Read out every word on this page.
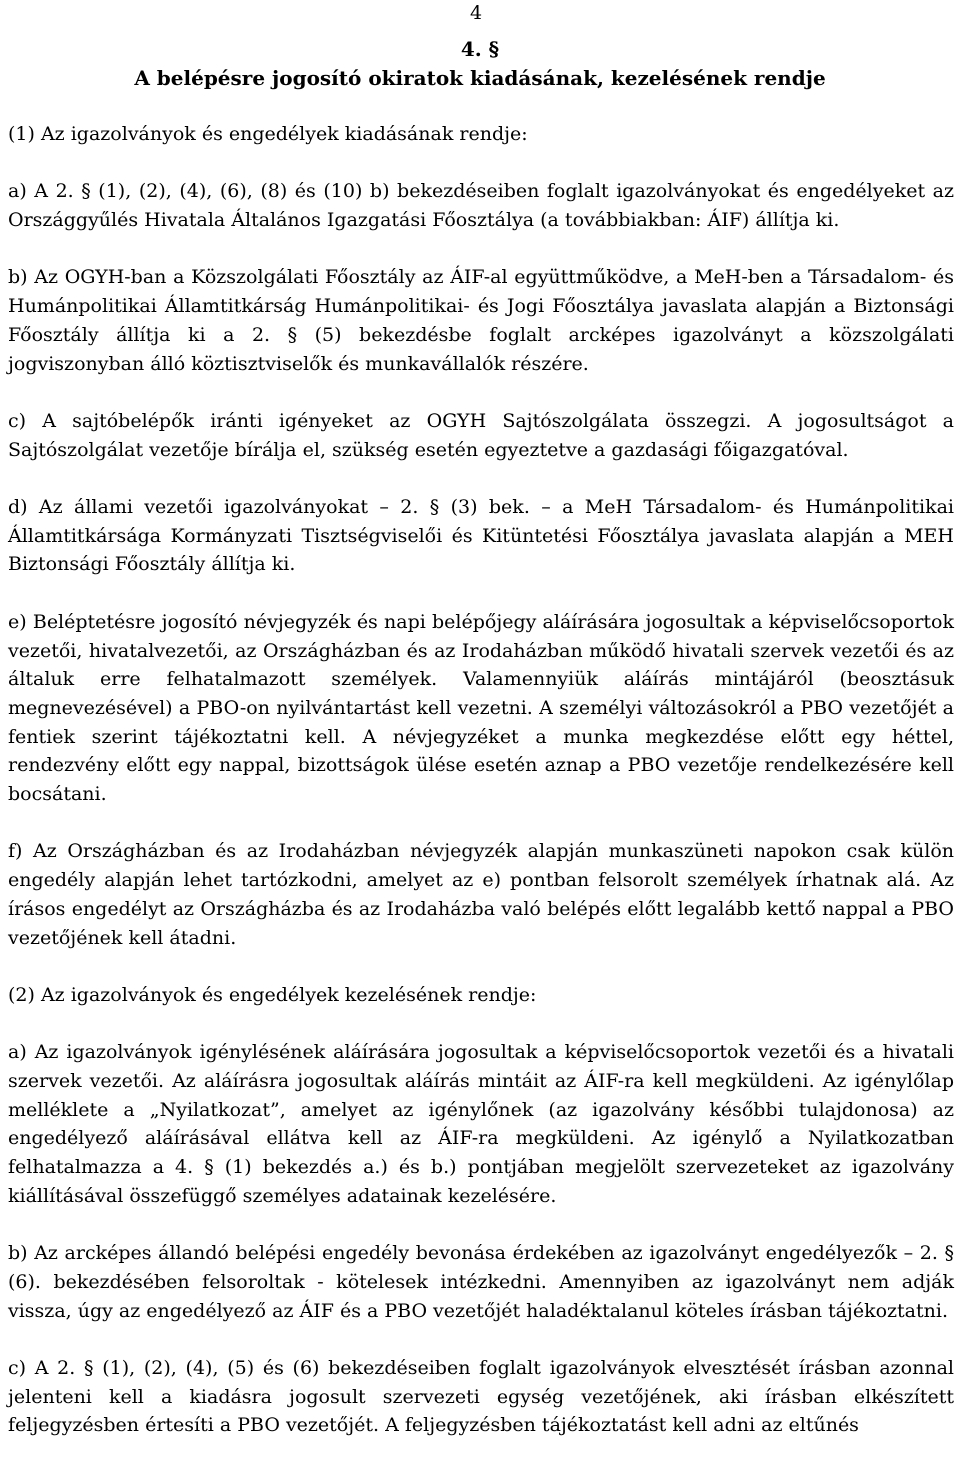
4
4. §
A belépésre jogosító okiratok kiadásának, kezelésének rendje

(1) Az igazolványok és engedélyek kiadásának rendje:

a) A 2. § (1), (2), (4), (6), (8) és (10) b) bekezdéseiben foglalt igazolványokat és engedélyeket az Országgyűlés Hivatala Általános Igazgatási Főosztálya (a továbbiakban: ÁIF) állítja ki.

b) Az OGYH-ban a Közszolgálati Főosztály az ÁIF-al együttműködve, a MeH-ben a Társadalom- és Humánpolitikai Államtitkárság Humánpolitikai- és Jogi Főosztálya javaslata alapján a Biztonsági Főosztály állítja ki a 2. § (5) bekezdésbe foglalt arcképes igazolványt a közszolgálati jogviszonyban álló köztisztviselők és munkavállalók részére.

c) A sajtóbelépők iránti igényeket az OGYH Sajtószolgálata összegzi. A jogosultságot a Sajtószolgálat vezetője bírálja el, szükség esetén egyeztetve a gazdasági főigazgatóval.

d) Az állami vezetői igazolványokat – 2. § (3) bek. – a MeH Társadalom- és Humánpolitikai Államtitkársága Kormányzati Tisztségviselői és Kitüntetési Főosztálya javaslata alapján a MEH Biztonsági Főosztály állítja ki.

e) Beléptetésre jogosító névjegyzék és napi belépőjegy aláírására jogosultak a képviselőcsoportok vezetői, hivatalvezetői, az Országházban és az Irodaházban működő hivatali szervek vezetői és az általuk erre felhatalmazott személyek. Valamennyiük aláírás mintájáról (beosztásuk megnevezésével) a PBO-on nyilvántartást kell vezetni. A személyi változásokról a PBO vezetőjét a fentiek szerint tájékoztatni kell. A névjegyzéket a munka megkezdése előtt egy héttel, rendezvény előtt egy nappal, bizottságok ülése esetén aznap a PBO vezetője rendelkezésére kell bocsátani.

f) Az Országházban és az Irodaházban névjegyzék alapján munkaszüneti napokon csak külön engedély alapján lehet tartózkodni, amelyet az e) pontban felsorolt személyek írhatnak alá. Az írásos engedélyt az Országházba és az Irodaházba való belépés előtt legalább kettő nappal a PBO vezetőjének kell átadni.

(2) Az igazolványok és engedélyek kezelésének rendje:

a) Az igazolványok igénylésének aláírására jogosultak a képviselőcsoportok vezetői és a hivatali szervek vezetői. Az aláírásra jogosultak aláírás mintáit az ÁIF-ra kell megküldeni. Az igénylőlap melléklete a „Nyilatkozat”, amelyet az igénylőnek (az igazolvány későbbi tulajdonosa) az engedélyező aláírásával ellátva kell az ÁIF-ra megküldeni. Az igénylő a Nyilatkozatban felhatalmazza a 4. § (1) bekezdés a.) és b.) pontjában megjelölt szervezeteket az igazolvány kiállításával összefüggő személyes adatainak kezelésére.

b) Az arcképes állandó belépési engedély bevonása érdekében az igazolványt engedélyezők – 2. § (6). bekezdésében felsoroltak - kötelesek intézkedni. Amennyiben az igazolványt nem adják vissza, úgy az engedélyező az ÁIF és a PBO vezetőjét haladéktalanul köteles írásban tájékoztatni.

c) A 2. § (1), (2), (4), (5) és (6) bekezdéseiben foglalt igazolványok elvesztését írásban azonnal jelenteni kell a kiadásra jogosult szervezeti egység vezetőjének, aki írásban elkészített feljegyzésben értesíti a PBO vezetőjét. A feljegyzésben tájékoztatást kell adni az eltűnés
